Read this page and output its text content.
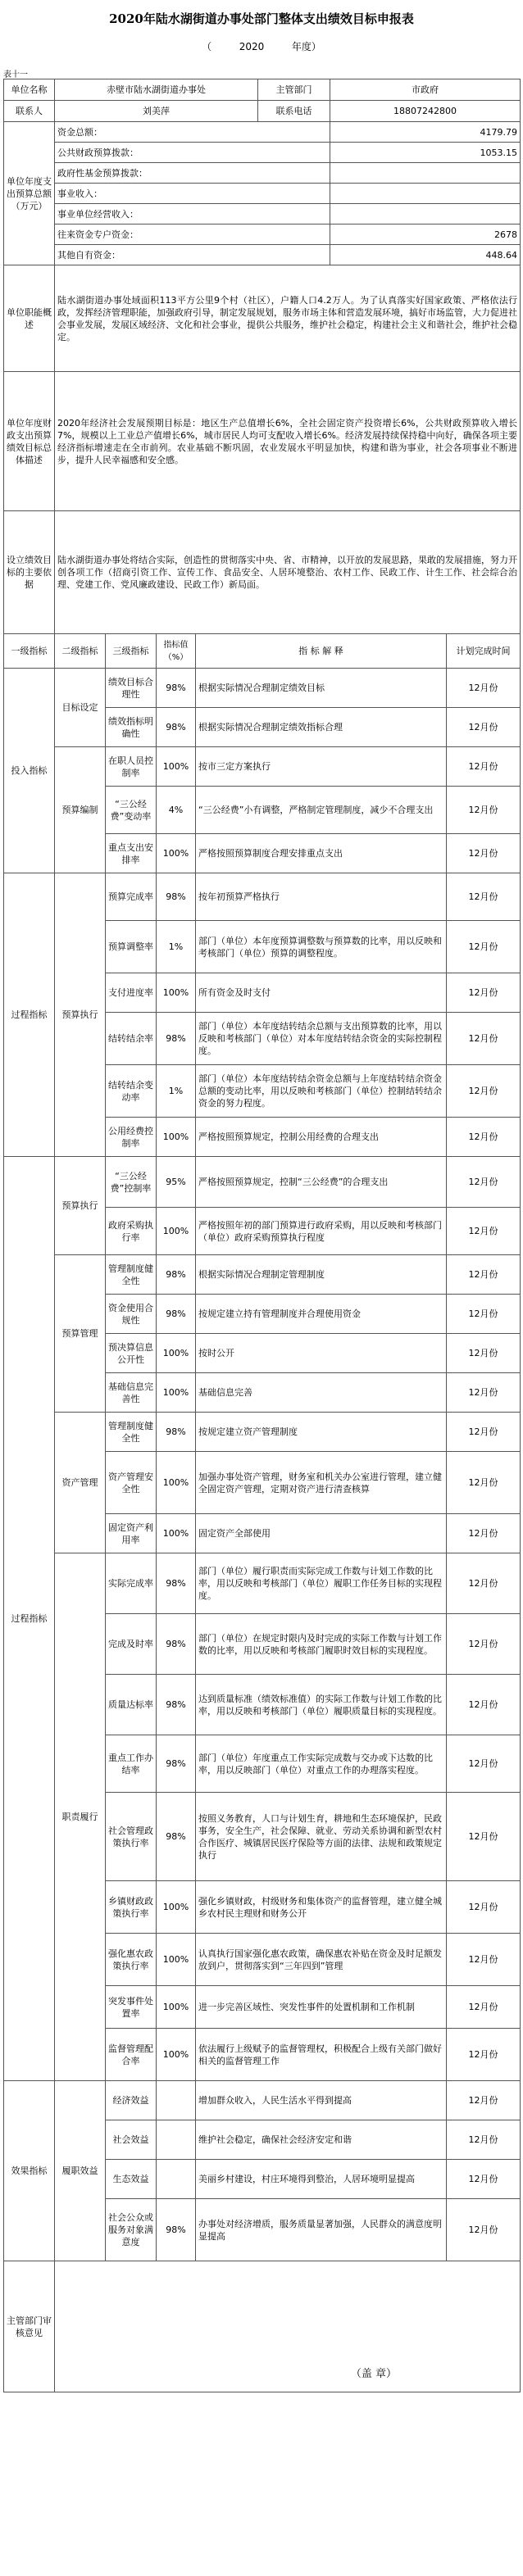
2020年陆水湖街道办事处部门整体支出绩效目标申报表
（	2020	年度）
表十一
单位名称	赤壁市陆水湖街道办事处				主管部门	市政府	
联系人	刘美萍				联系电话	18807242800	
单位年度支出预算总额（万元）	资金总额：					4179.79	
	公共财政预算拨款：					1053.15	
	政府性基金预算拨款：						
	事业收入：						
	事业单位经营收入：						
	往来资金专户资金：					2678	
	其他自有资金：					448.64	
单位职能概述	陆水湖街道办事处域面积113平方公里9个村（社区），户籍人口4.2万人。为了认真落实好国家政策、严格依法行政，发挥经济管理职能，加强政府引导，制定发展规划，服务市场主体和营造发展环境，搞好市场监管，大力促进社会事业发展，发展区域经济、文化和社会事业，提供公共服务，维护社会稳定，构建社会主义和谐社会，维护社会稳定。						
单位年度财政支出预算绩效目标总体描述	2020年经济社会发展预期目标是：地区生产总值增长6%，全社会固定资产投资增长6%，公共财政预算收入增长7%，规模以上工业总产值增长6%，城市居民人均可支配收入增长6%。经济发展持续保持稳中向好，确保各项主要经济指标增速走在全市前列。农业基础不断巩固，农业发展水平明显加快，构建和谐为事业，社会各项事业不断进步，提升人民幸福感和安全感。						
设立绩效目标的主要依据	陆水湖街道办事处将结合实际，创造性的贯彻落实中央、省、市精神，以开放的发展思路，果敢的发展措施，努力开创各项工作（招商引资工作、宣传工作、食品安全、人居环境整治、农村工作、民政工作、计生工作、社会综合治理、党建工作、党风廉政建设、民政工作）新局面。						
一级指标	二级指标	三级指标	指标值（%）	指 标 解 释			计划完成时间
投入指标	目标设定	绩效目标合理性	98%	根据实际情况合理制定绩效目标			12月份
		绩效指标明确性	98%	根据实际情况合理制定绩效指标合理			12月份
	预算编制	在职人员控制率	100%	按市三定方案执行			12月份
		“三公经费”变动率	4%	“三公经费”小有调整，严格制定管理制度，减少不合理支出			12月份
		重点支出安排率	100%	严格按照预算制度合理安排重点支出			12月份
过程指标	预算执行	预算完成率	98%	按年初预算严格执行			12月份
		预算调整率	1%	部门（单位）本年度预算调整数与预算数的比率，用以反映和考核部门（单位）预算的调整程度。			12月份
		支付进度率	100%	所有资金及时支付			12月份
		结转结余率	98%	部门（单位）本年度结转结余总额与支出预算数的比率，用以反映和考核部门（单位）对本年度结转结余资金的实际控制程度。			12月份
		结转结余变动率	1%	部门（单位）本年度结转结余资金总额与上年度结转结余资金总额的变动比率，用以反映和考核部门（单位）控制结转结余资金的努力程度。			12月份
		公用经费控制率	100%	严格按照预算规定，控制公用经费的合理支出			12月份
过程指标	预算执行	“三公经费”控制率	95%	严格按照预算规定，控制“三公经费”的合理支出			12月份
		政府采购执行率	100%	严格按照年初的部门预算进行政府采购，用以反映和考核部门（单位）政府采购预算执行程度			12月份
	预算管理	管理制度健全性	98%	根据实际情况合理制定管理制度			12月份
		资金使用合规性	98%	按规定建立持有管理制度并合理使用资金			12月份
		预决算信息公开性	100%	按时公开			12月份
		基础信息完善性	100%	基础信息完善			12月份
	资产管理	管理制度健全性	98%	按规定建立资产管理制度			12月份
		资产管理安全性	100%	加强办事处资产管理，财务室和机关办公室进行管理，建立健全固定资产管理，定期对资产进行清查核算			12月份
		固定资产利用率	100%	固定资产全部使用			12月份
	职责履行	实际完成率	98%	部门（单位）履行职责而实际完成工作数与计划工作数的比率，用以反映和考核部门（单位）履职工作任务目标的实现程度。			12月份
		完成及时率	98%	部门（单位）在规定时限内及时完成的实际工作数与计划工作数的比率，用以反映和考核部门履职时效目标的实现程度。			12月份
		质量达标率	98%	达到质量标准（绩效标准值）的实际工作数与计划工作数的比率，用以反映和考核部门（单位）履职质量目标的实现程度。			12月份
		重点工作办结率	98%	部门（单位）年度重点工作实际完成数与交办或下达数的比率，用以反映部门（单位）对重点工作的办理落实程度。			12月份
		社会管理政策执行率	98%	按照义务教育，人口与计划生育，耕地和生态环境保护，民政事务，安全生产，社会保障、就业、劳动关系协调和新型农村合作医疗、城镇居民医疗保险等方面的法律、法规和政策规定执行			12月份
		乡镇财政政策执行率	100%	强化乡镇财政，村级财务和集体资产的监督管理，建立健全城乡农村民主理财和财务公开			12月份
		强化惠农政策执行率	100%	认真执行国家强化惠农政策，确保惠农补贴在资金及时足额发放到户，贯彻落实到“三年四到”管理			12月份
		突发事件处置率	100%	进一步完善区域性、突发性事件的处置机制和工作机制			12月份
		监督管理配合率	100%	依法履行上级赋予的监督管理权，积极配合上级有关部门做好相关的监督管理工作			12月份
效果指标	履职效益	经济效益		增加群众收入，人民生活水平得到提高			12月份
		社会效益		维护社会稳定，确保社会经济安定和谐			12月份
		生态效益		美丽乡村建设，村庄环境得到整治，人居环境明显提高			12月份
		社会公众或服务对象满意度	98%	办事处对经济增质，服务质量显著加强，人民群众的满意度明显提高			12月份
主管部门审核意见	（盖 章）						
